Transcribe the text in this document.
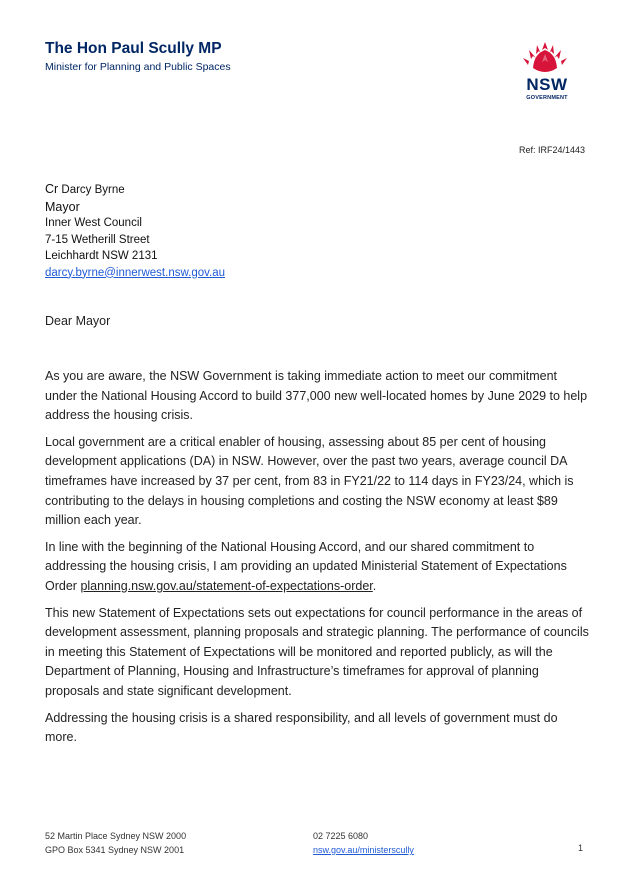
The Hon Paul Scully MP
Minister for Planning and Public Spaces
NSW
GOVERNMENT
Ref: IRF24/1443
Cr Darcy Byrne
Mayor
Inner West Council
7-15 Wetherill Street
Leichhardt NSW 2131
darcy.byrne@innerwest.nsw.gov.au
Dear Mayor

As you are aware, the NSW Government is taking immediate action to meet our commitment under the National Housing Accord to build 377,000 new well-located homes by June 2029 to help address the housing crisis.

Local government are a critical enabler of housing, assessing about 85 per cent of housing development applications (DA) in NSW. However, over the past two years, average council DA timeframes have increased by 37 per cent, from 83 in FY21/22 to 114 days in FY23/24, which is contributing to the delays in housing completions and costing the NSW economy at least $89 million each year.

In line with the beginning of the National Housing Accord, and our shared commitment to addressing the housing crisis, I am providing an updated Ministerial Statement of Expectations Order planning.nsw.gov.au/statement-of-expectations-order.

This new Statement of Expectations sets out expectations for council performance in the areas of development assessment, planning proposals and strategic planning. The performance of councils in meeting this Statement of Expectations will be monitored and reported publicly, as will the Department of Planning, Housing and Infrastructure’s timeframes for approval of planning proposals and state significant development.

Addressing the housing crisis is a shared responsibility, and all levels of government must do more.

52 Martin Place Sydney NSW 2000
GPO Box 5341 Sydney NSW 2001
02 7225 6080
nsw.gov.au/ministerscully	1
